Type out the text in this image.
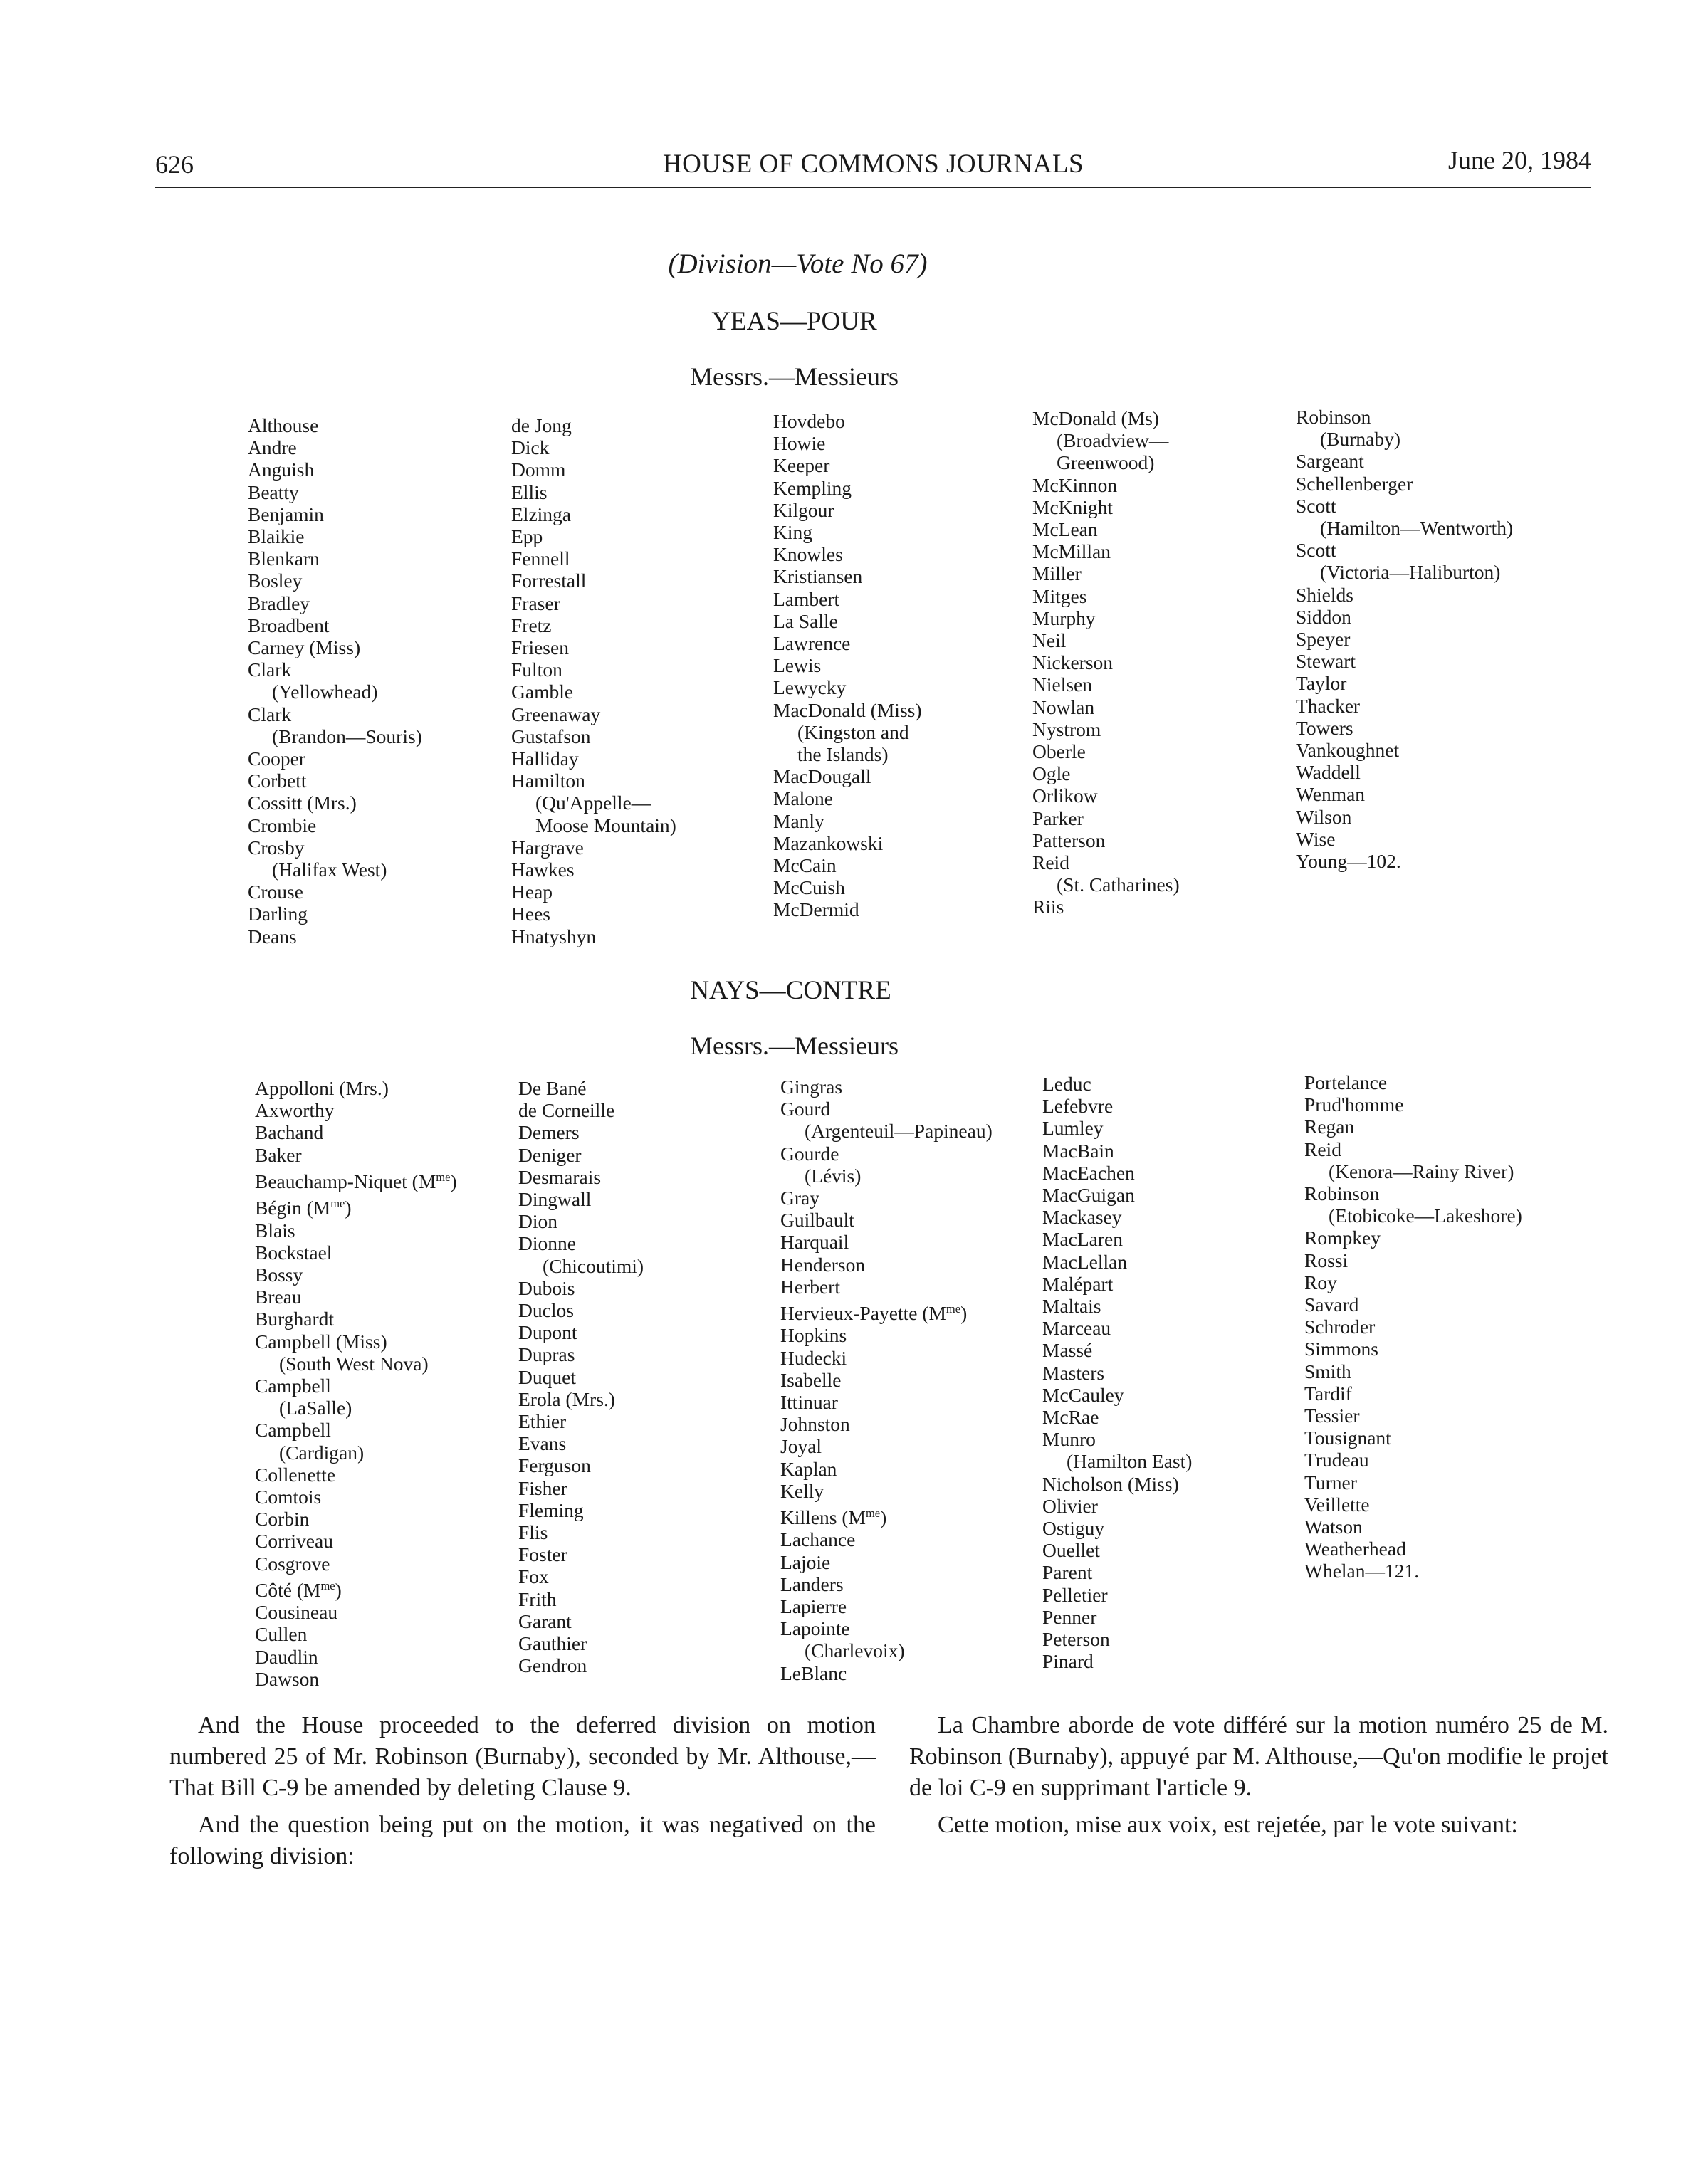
626	HOUSE OF COMMONS JOURNALS	June 20, 1984
(Division—Vote No 67)
YEAS—POUR
Messrs.—Messieurs
Althouse
Andre
Anguish
Beatty
Benjamin
Blaikie
Blenkarn
Bosley
Bradley
Broadbent
Carney (Miss)
Clark
(Yellowhead)
Clark
(Brandon—Souris)
Cooper
Corbett
Cossitt (Mrs.)
Crombie
Crosby
(Halifax West)
Crouse
Darling
Deans
de Jong
Dick
Domm
Ellis
Elzinga
Epp
Fennell
Forrestall
Fraser
Fretz
Friesen
Fulton
Gamble
Greenaway
Gustafson
Halliday
Hamilton
(Qu'Appelle—
Moose Mountain)
Hargrave
Hawkes
Heap
Hees
Hnatyshyn
Hovdebo
Howie
Keeper
Kempling
Kilgour
King
Knowles
Kristiansen
Lambert
La Salle
Lawrence
Lewis
Lewycky
MacDonald (Miss)
(Kingston and
the Islands)
MacDougall
Malone
Manly
Mazankowski
McCain
McCuish
McDermid
McDonald (Ms)
(Broadview—
Greenwood)
McKinnon
McKnight
McLean
McMillan
Miller
Mitges
Murphy
Neil
Nickerson
Nielsen
Nowlan
Nystrom
Oberle
Ogle
Orlikow
Parker
Patterson
Reid
(St. Catharines)
Riis
Robinson
(Burnaby)
Sargeant
Schellenberger
Scott
(Hamilton—Wentworth)
Scott
(Victoria—Haliburton)
Shields
Siddon
Speyer
Stewart
Taylor
Thacker
Towers
Vankoughnet
Waddell
Wenman
Wilson
Wise
Young—102.
NAYS—CONTRE
Messrs.—Messieurs
Appolloni (Mrs.)
Axworthy
Bachand
Baker
Beauchamp-Niquet $(M^{me})$
Bégin $(M^{me})$
Blais
Bockstael
Bossy
Breau
Burghardt
Campbell (Miss)
(South West Nova)
Campbell
(LaSalle)
Campbell
(Cardigan)
Collenette
Comtois
Corbin
Corriveau
Cosgrove
Côté $(M^{me})$
Cousineau
Cullen
Daudlin
Dawson
De Bané
de Corneille
Demers
Deniger
Desmarais
Dingwall
Dion
Dionne
(Chicoutimi)
Dubois
Duclos
Dupont
Dupras
Duquet
Erola (Mrs.)
Ethier
Evans
Ferguson
Fisher
Fleming
Flis
Foster
Fox
Frith
Garant
Gauthier
Gendron
Gingras
Gourd
(Argenteuil—Papineau)
Gourde
(Lévis)
Gray
Guilbault
Harquail
Henderson
Herbert
Hervieux-Payette $(M^{me})$
Hopkins
Hudecki
Isabelle
Ittinuar
Johnston
Joyal
Kaplan
Kelly
Killens $(M^{me})$
Lachance
Lajoie
Landers
Lapierre
Lapointe
(Charlevoix)
LeBlanc
Leduc
Lefebvre
Lumley
MacBain
MacEachen
MacGuigan
Mackasey
MacLaren
MacLellan
Malépart
Maltais
Marceau
Massé
Masters
McCauley
McRae
Munro
(Hamilton East)
Nicholson (Miss)
Olivier
Ostiguy
Ouellet
Parent
Pelletier
Penner
Peterson
Pinard
Portelance
Prud'homme
Regan
Reid
(Kenora—Rainy River)
Robinson
(Etobicoke—Lakeshore)
Rompkey
Rossi
Roy
Savard
Schroder
Simmons
Smith
Tardif
Tessier
Tousignant
Trudeau
Turner
Veillette
Watson
Weatherhead
Whelan—121.

And the House proceeded to the deferred division on motion numbered 25 of Mr. Robinson (Burnaby), seconded by Mr. Althouse,—That Bill C-9 be amended by deleting Clause 9.

And the question being put on the motion, it was negatived on the following division:

La Chambre aborde de vote différé sur la motion numéro 25 de M. Robinson (Burnaby), appuyé par M. Althouse,—Qu'on modifie le projet de loi C-9 en supprimant l'article 9.

Cette motion, mise aux voix, est rejetée, par le vote suivant:
